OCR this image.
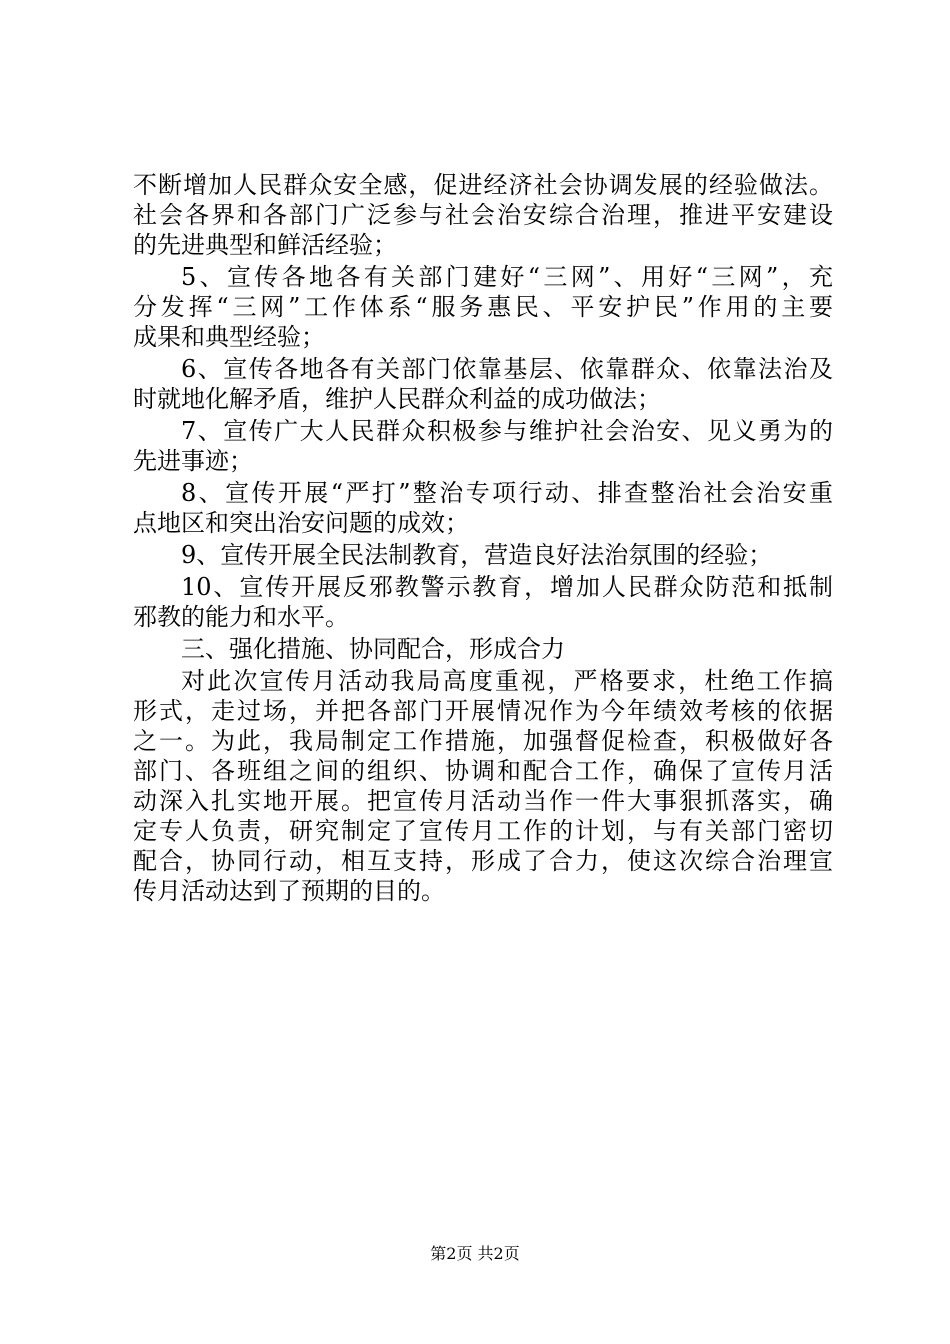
不断增加人民群众安全感，促进经济社会协调发展的经验做法。

社会各界和各部门广泛参与社会治安综合治理，推进平安建设

的先进典型和鲜活经验；

5、宣传各地各有关部门建好“三网”、用好“三网”，充

分发挥“三网”工作体系“服务惠民、平安护民”作用的主要

成果和典型经验；

6、宣传各地各有关部门依靠基层、依靠群众、依靠法治及

时就地化解矛盾，维护人民群众利益的成功做法；

7、宣传广大人民群众积极参与维护社会治安、见义勇为的

先进事迹；

8、宣传开展“严打”整治专项行动、排查整治社会治安重

点地区和突出治安问题的成效；

9、宣传开展全民法制教育，营造良好法治氛围的经验；

10、宣传开展反邪教警示教育，增加人民群众防范和抵制

邪教的能力和水平。

三、强化措施、协同配合，形成合力

对此次宣传月活动我局高度重视，严格要求，杜绝工作搞

形式，走过场，并把各部门开展情况作为今年绩效考核的依据

之一。为此，我局制定工作措施，加强督促检查，积极做好各

部门、各班组之间的组织、协调和配合工作，确保了宣传月活

动深入扎实地开展。把宣传月活动当作一件大事狠抓落实，确

定专人负责，研究制定了宣传月工作的计划，与有关部门密切

配合，协同行动，相互支持，形成了合力，使这次综合治理宣

传月活动达到了预期的目的。

第2页 共2页
